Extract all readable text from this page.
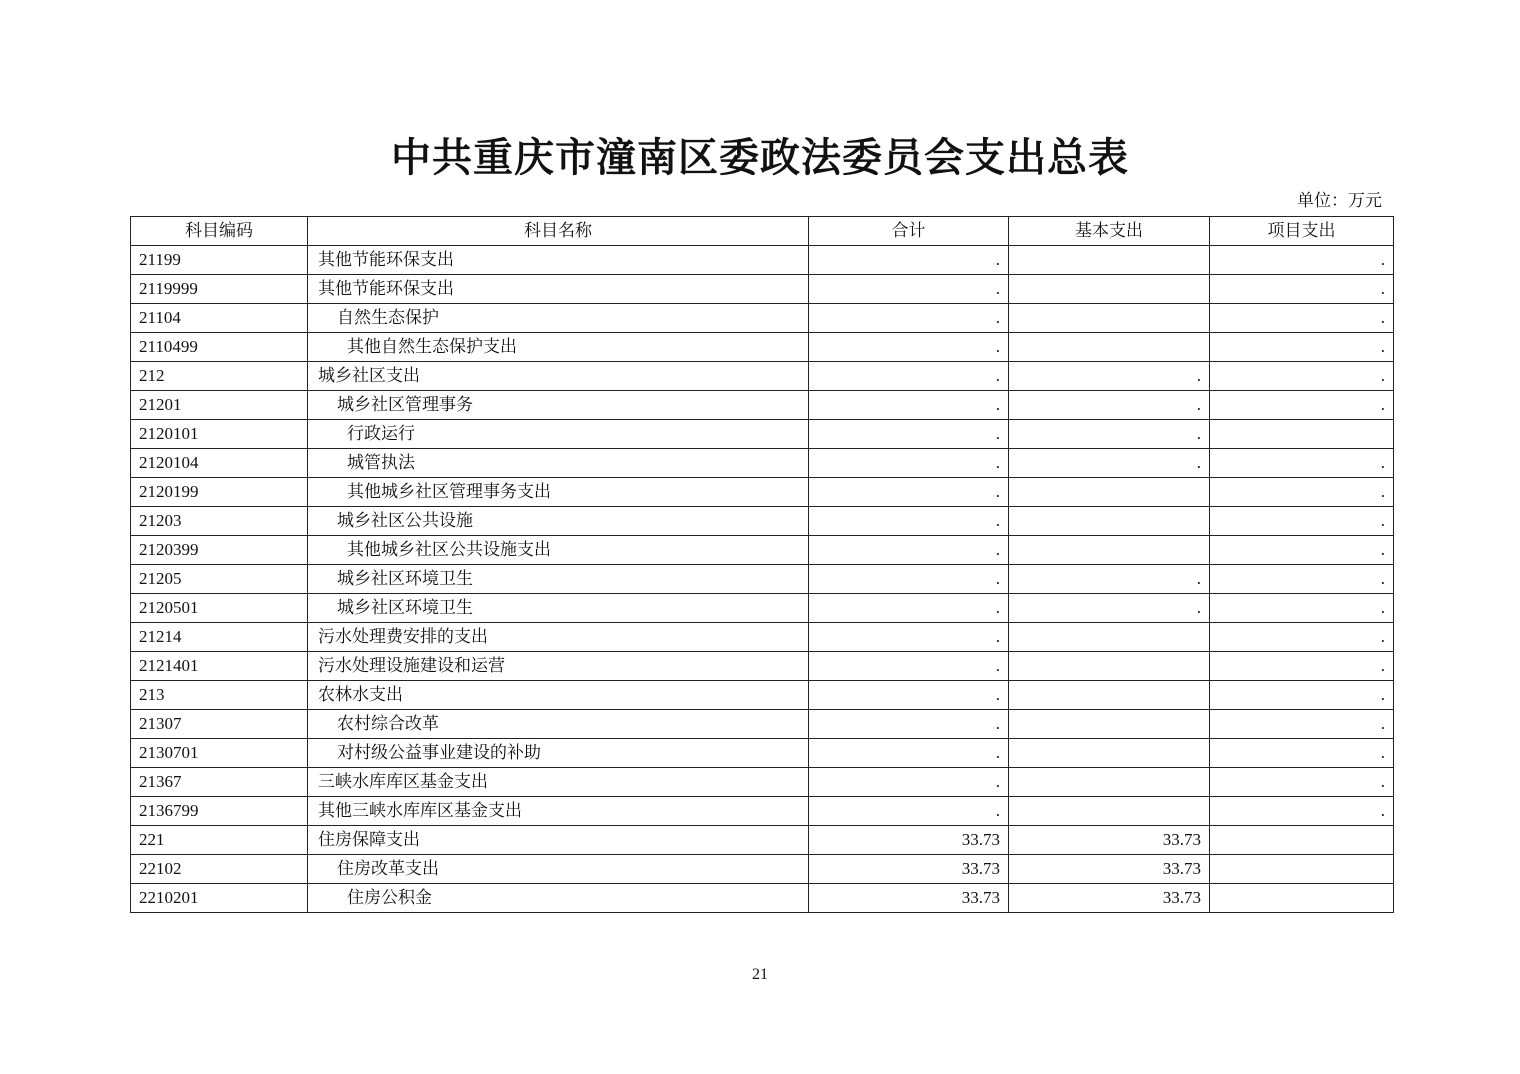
中共重庆市潼南区委政法委员会支出总表
单位：万元
科目编码	科目名称	合计	基本支出	项目支出
21199	其他节能环保支出	.		.
2119999	其他节能环保支出	.		.
21104	自然生态保护	.		.
2110499	其他自然生态保护支出	.		.
212	城乡社区支出	.	.	.
21201	城乡社区管理事务	.	.	.
2120101	行政运行	.	.	
2120104	城管执法	.	.	.
2120199	其他城乡社区管理事务支出	.		.
21203	城乡社区公共设施	.		.
2120399	其他城乡社区公共设施支出	.		.
21205	城乡社区环境卫生	.	.	.
2120501	城乡社区环境卫生	.	.	.
21214	污水处理费安排的支出	.		.
2121401	污水处理设施建设和运营	.		.
213	农林水支出	.		.
21307	农村综合改革	.		.
2130701	对村级公益事业建设的补助	.		.
21367	三峡水库库区基金支出	.		.
2136799	其他三峡水库库区基金支出	.		.
221	住房保障支出	33.73	33.73	
22102	住房改革支出	33.73	33.73	
2210201	住房公积金	33.73	33.73	
21
